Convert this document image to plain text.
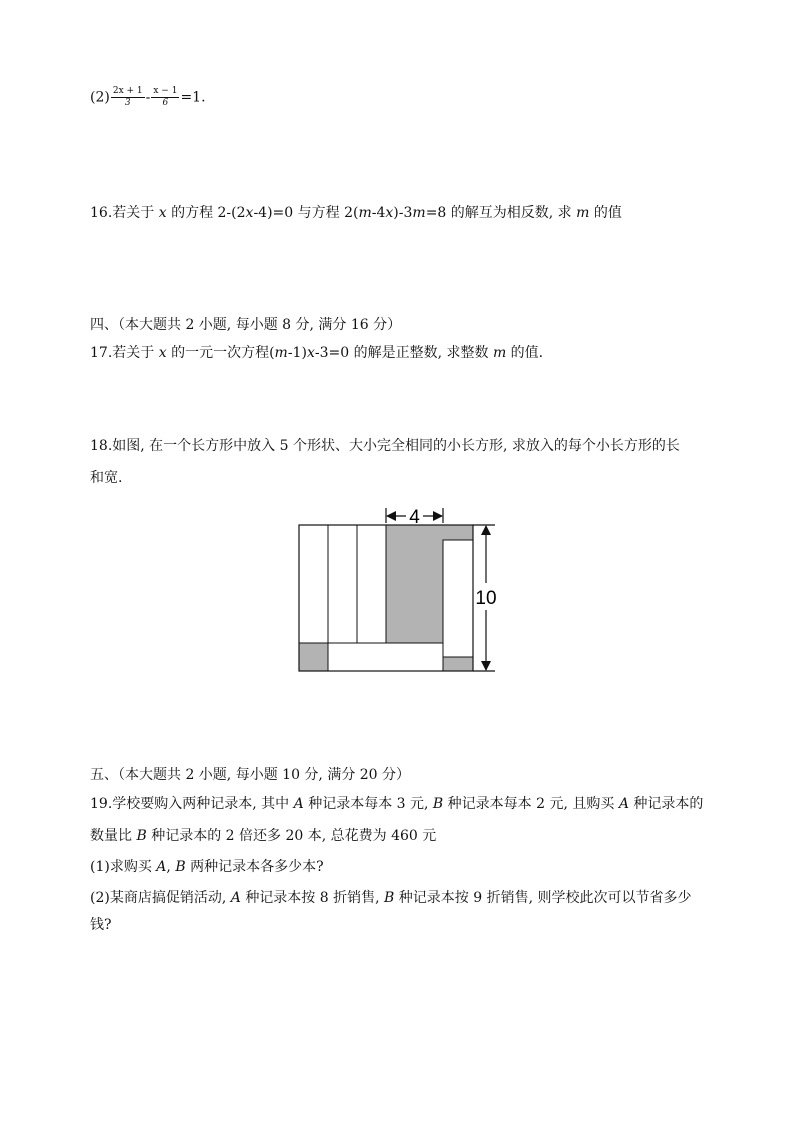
$(2) \frac{2x + 1}{3} - \frac{x - 1}{6} =1$.
16.若关于 x 的方程 2-(2x-4)=0 与方程 2(m-4x)-3m=8 的解互为相反数, 求 m 的值
四、（本大题共 2 小题, 每小题 8 分, 满分 16 分）
17.若关于 x 的一元一次方程(m-1)x-3=0 的解是正整数, 求整数 m 的值.
18.如图, 在一个长方形中放入 5 个形状、大小完全相同的小长方形, 求放入的每个小长方形的长
和宽.
4
10
五、（本大题共 2 小题, 每小题 10 分, 满分 20 分）
19.学校要购入两种记录本, 其中 A 种记录本每本 3 元, B 种记录本每本 2 元, 且购买 A 种记录本的
数量比 B 种记录本的 2 倍还多 20 本, 总花费为 460 元
(1)求购买 A, B 两种记录本各多少本?
(2)某商店搞促销活动, A 种记录本按 8 折销售, B 种记录本按 9 折销售, 则学校此次可以节省多少
钱?
